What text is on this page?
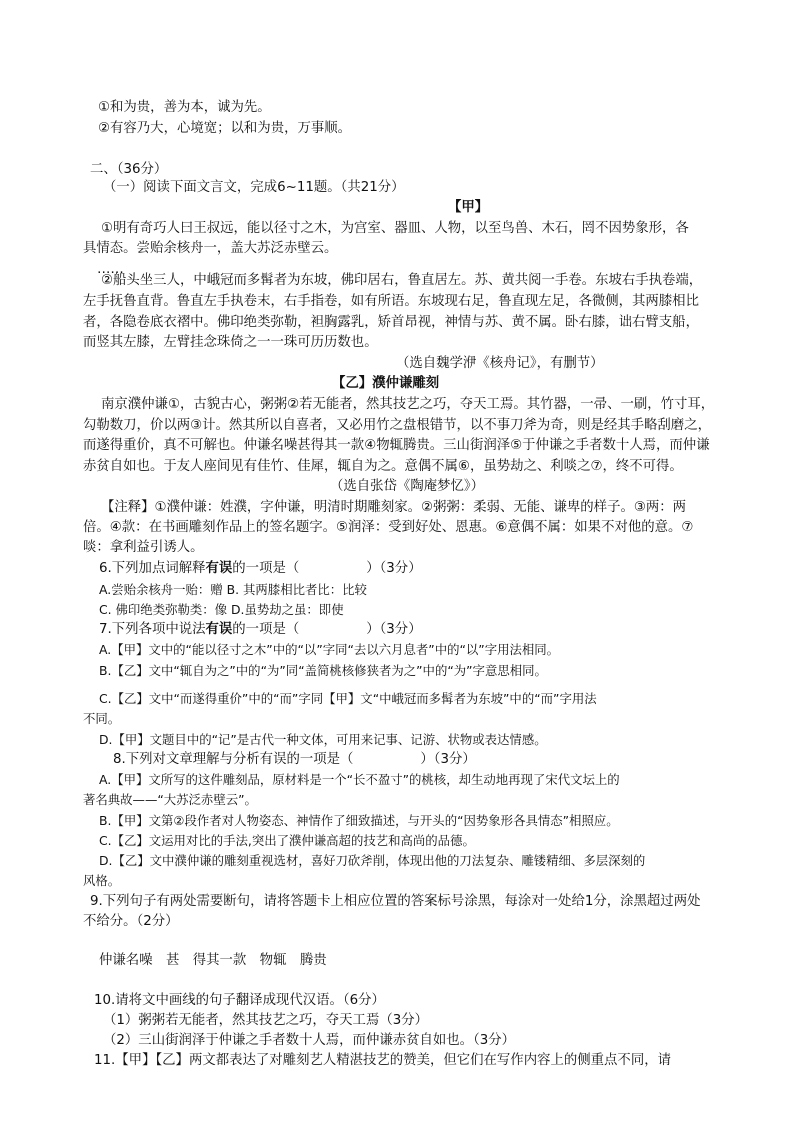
①和为贵，善为本，诚为先。
②有容乃大，心境宽；以和为贵，万事顺。
二、（36分）
（一）阅读下面文言文，完成6~11题。（共21分）
【甲】
①明有奇巧人曰王叔远，能以径寸之木，为宫室、器皿、人物，以至鸟兽、木石，罔不因势象形，各
具情态。尝贻余核舟一，盖大苏泛赤壁云。
……
②船头坐三人，中峨冠而多髯者为东坡，佛印居右，鲁直居左。苏、黄共阅一手卷。东坡右手执卷端，
左手抚鲁直背。鲁直左手执卷末，右手指卷，如有所语。东坡现右足，鲁直现左足，各微侧，其两膝相比
者，各隐卷底衣褶中。佛印绝类弥勒，袒胸露乳，矫首昂视，神情与苏、黄不属。卧右膝，诎右臂支船，
而竖其左膝，左臂挂念珠倚之一一珠可历历数也。
（选自魏学洢《核舟记》，有删节）
【乙】濮仲谦雕刻
南京濮仲谦①，古貌古心，粥粥②若无能者，然其技艺之巧，夺天工焉。其竹器，一帚、一刷，竹寸耳，
勾勒数刀，价以两③计。然其所以自喜者，又必用竹之盘根错节，以不事刀斧为奇，则是经其手略刮磨之，
而遂得重价，真不可解也。仲谦名噪甚得其一款④物辄腾贵。三山街润泽⑤于仲谦之手者数十人焉，而仲谦
赤贫自如也。于友人座间见有佳竹、佳犀，辄自为之。意偶不属⑥，虽势劫之、利啖之⑦，终不可得。
（选自张岱《陶庵梦忆》）
【注释】①濮仲谦：姓濮，字仲谦，明清时期雕刻家。②粥粥：柔弱、无能、谦卑的样子。③两：两
倍。④款：在书画雕刻作品上的签名题字。⑤润泽：受到好处、恩惠。⑥意偶不属：如果不对他的意。⑦
啖：拿利益引诱人。
6.下列加点词解释有误的一项是（　　　　　）（3分）
A.尝贻余核舟一贻：赠 B. 其两膝相比者比：比较
C. 佛印绝类弥勒类：像 D.虽势劫之虽：即使
7.下列各项中说法有误的一项是（　　　　　）（3分）
A.【甲】文中的“能以径寸之木”中的“以”字同“去以六月息者”中的“以”字用法相同。
B.【乙】文中“辄自为之”中的“为”同“盖简桃核修狭者为之”中的“为”字意思相同。
C.【乙】文中“而遂得重价”中的“而”字同【甲】文“中峨冠而多髯者为东坡”中的“而”字用法
不同。
D.【甲】文题目中的“记”是古代一种文体，可用来记事、记游、状物或表达情感。
8.下列对文章理解与分析有误的一项是（　　　　　）（3分）
A.【甲】文所写的这件雕刻品，原材料是一个“长不盈寸”的桃核，却生动地再现了宋代文坛上的
著名典故——“大苏泛赤壁云”。
B.【甲】文第②段作者对人物姿态、神情作了细致描述，与开头的“因势象形各具情态”相照应。
C.【乙】文运用对比的手法,突出了濮仲谦高超的技艺和高尚的品德。
D.【乙】文中濮仲谦的雕刻重视选材，喜好刀砍斧削，体现出他的刀法复杂、雕镂精细、多层深刻的
风格。
9.下列句子有两处需要断句，请将答题卡上相应位置的答案标号涂黑，每涂对一处给1分，涂黑超过两处
不给分。（2分）
仲谦名噪　甚　得其一款　物辄　腾贵
10.请将文中画线的句子翻译成现代汉语。（6分）
（1）粥粥若无能者，然其技艺之巧，夺天工焉（3分）
（2）三山街润泽于仲谦之手者数十人焉，而仲谦赤贫自如也。（3分）
11.【甲】【乙】两文都表达了对雕刻艺人精湛技艺的赞美，但它们在写作内容上的侧重点不同，请
